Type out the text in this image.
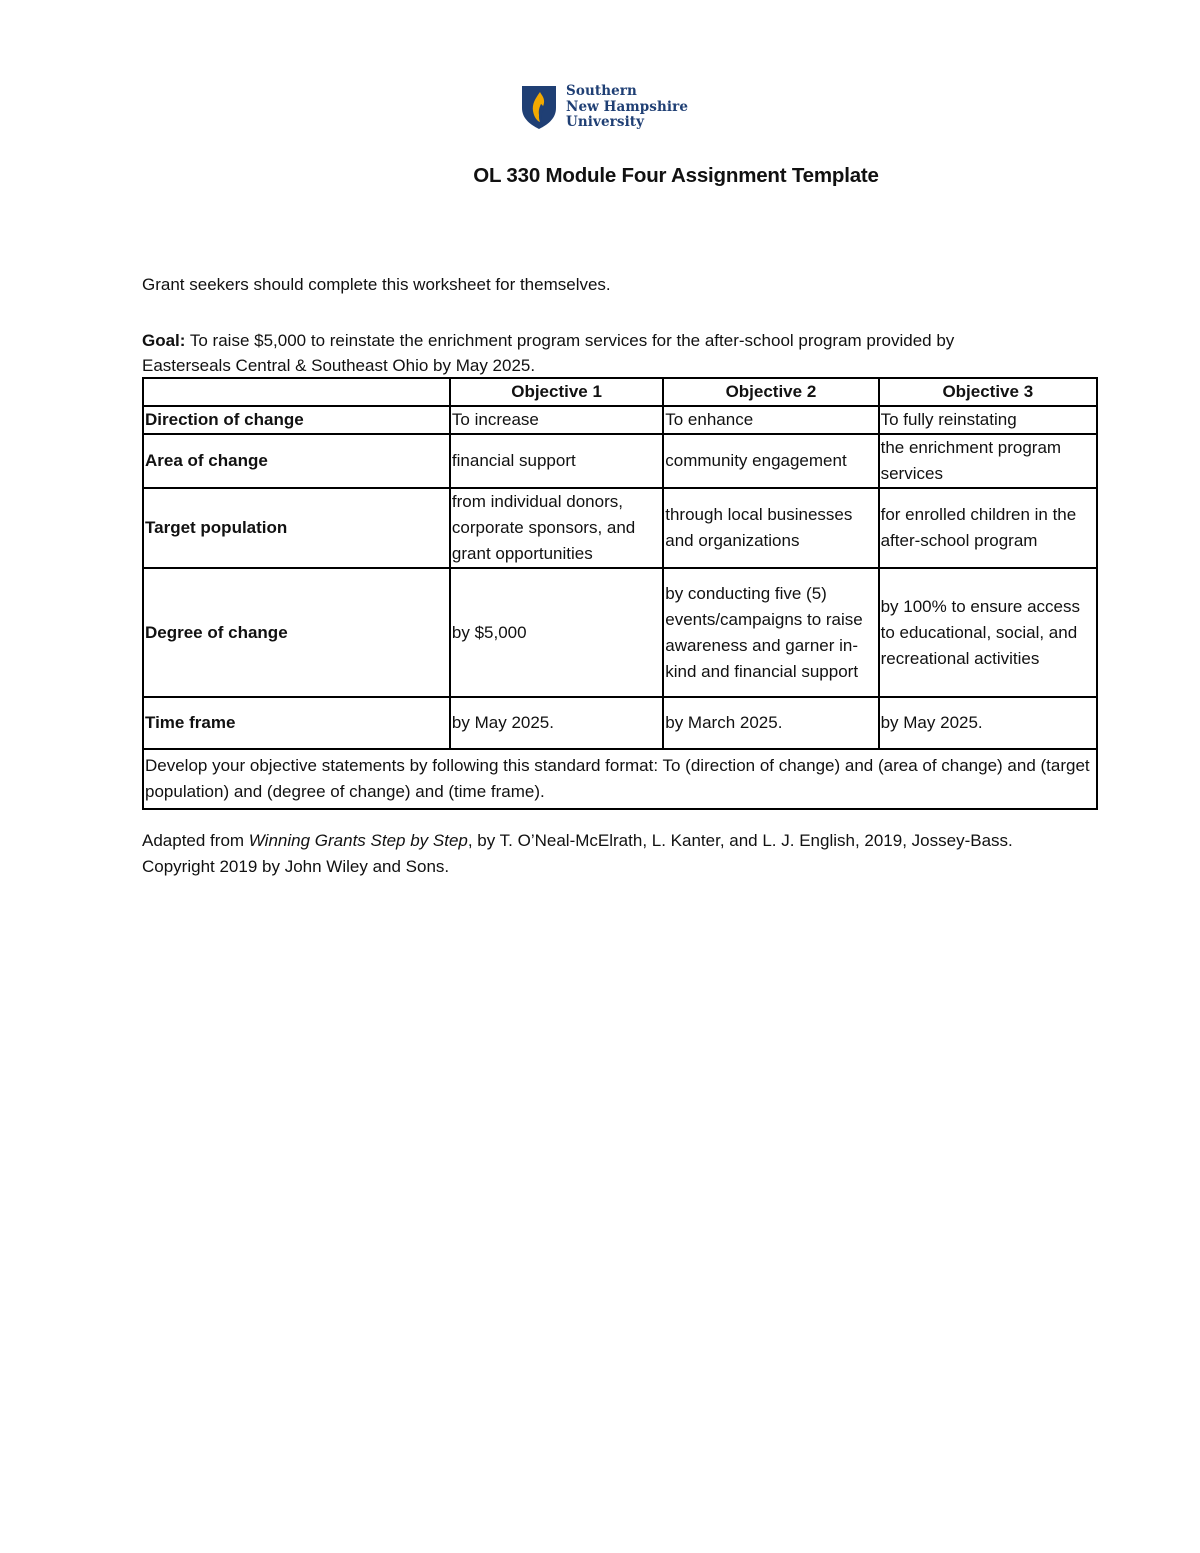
Southern
New Hampshire
University
OL 330 Module Four Assignment Template
Grant seekers should complete this worksheet for themselves.
Goal: To raise $5,000 to reinstate the enrichment program services for the after-school program provided by Easterseals Central & Southeast Ohio by May 2025.
	Objective 1	Objective 2	Objective 3
Direction of change	To increase	To enhance	To fully reinstating
Area of change	financial support	community engagement	the enrichment program services
Target population	from individual donors, corporate sponsors, and grant opportunities	through local businesses and organizations	for enrolled children in the after-school program
Degree of change	by $5,000	by conducting five (5) events/campaigns to raise awareness and garner in-kind and financial support	by 100% to ensure access to educational, social, and recreational activities
Time frame	by May 2025.	by March 2025.	by May 2025.
Develop your objective statements by following this standard format: To (direction of change) and (area of change) and (target population) and (degree of change) and (time frame).			
Adapted from Winning Grants Step by Step, by T. O’Neal-McElrath, L. Kanter, and L. J. English, 2019, Jossey-Bass. Copyright 2019 by John Wiley and Sons.
